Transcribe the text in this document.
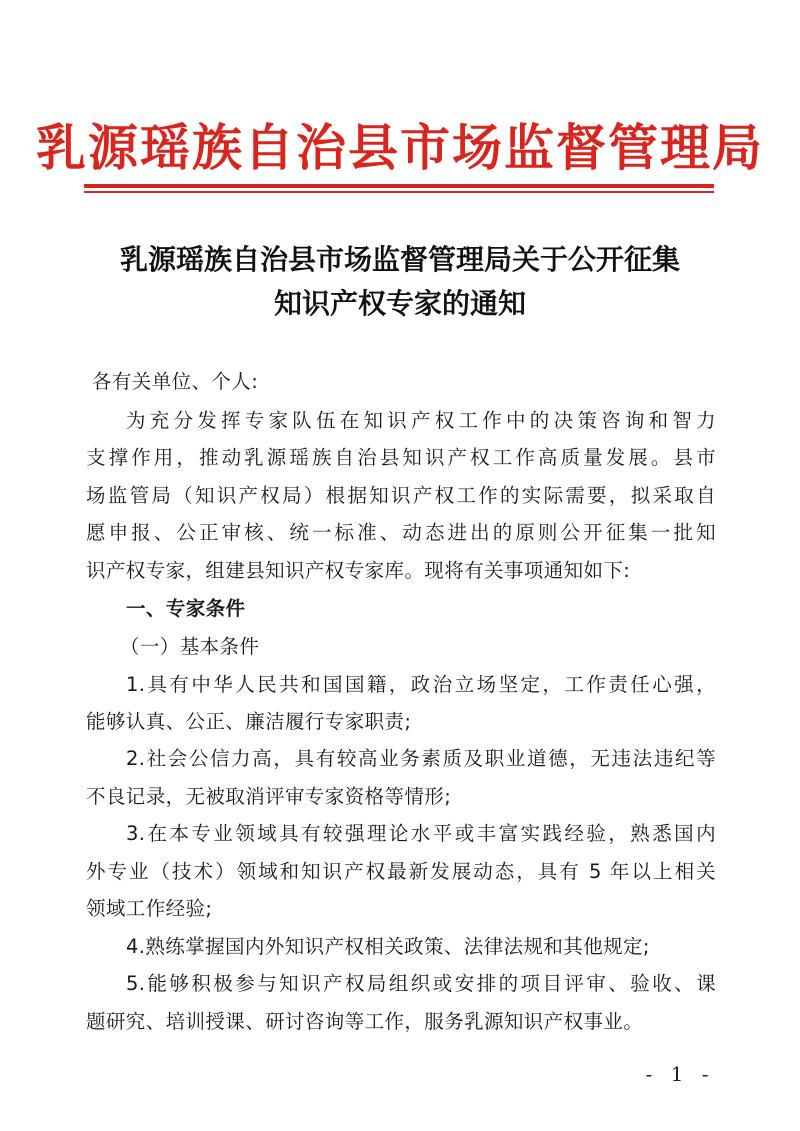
乳源瑶族自治县市场监督管理局
乳源瑶族自治县市场监督管理局关于公开征集
知识产权专家的通知
各有关单位、个人:
为充分发挥专家队伍在知识产权工作中的决策咨询和智力
支撑作用，推动乳源瑶族自治县知识产权工作高质量发展。县市
场监管局（知识产权局）根据知识产权工作的实际需要，拟采取自
愿申报、公正审核、统一标准、动态进出的原则公开征集一批知
识产权专家，组建县知识产权专家库。现将有关事项通知如下:
一、专家条件
（一）基本条件
1.具有中华人民共和国国籍，政治立场坚定，工作责任心强，
能够认真、公正、廉洁履行专家职责;
2.社会公信力高，具有较高业务素质及职业道德，无违法违纪等
不良记录，无被取消评审专家资格等情形;
3.在本专业领域具有较强理论水平或丰富实践经验，熟悉国内
外专业（技术）领域和知识产权最新发展动态，具有 5 年以上相关
领域工作经验;
4.熟练掌握国内外知识产权相关政策、法律法规和其他规定;
5.能够积极参与知识产权局组织或安排的项目评审、验收、课
题研究、培训授课、研讨咨询等工作，服务乳源知识产权事业。
- 1 -
